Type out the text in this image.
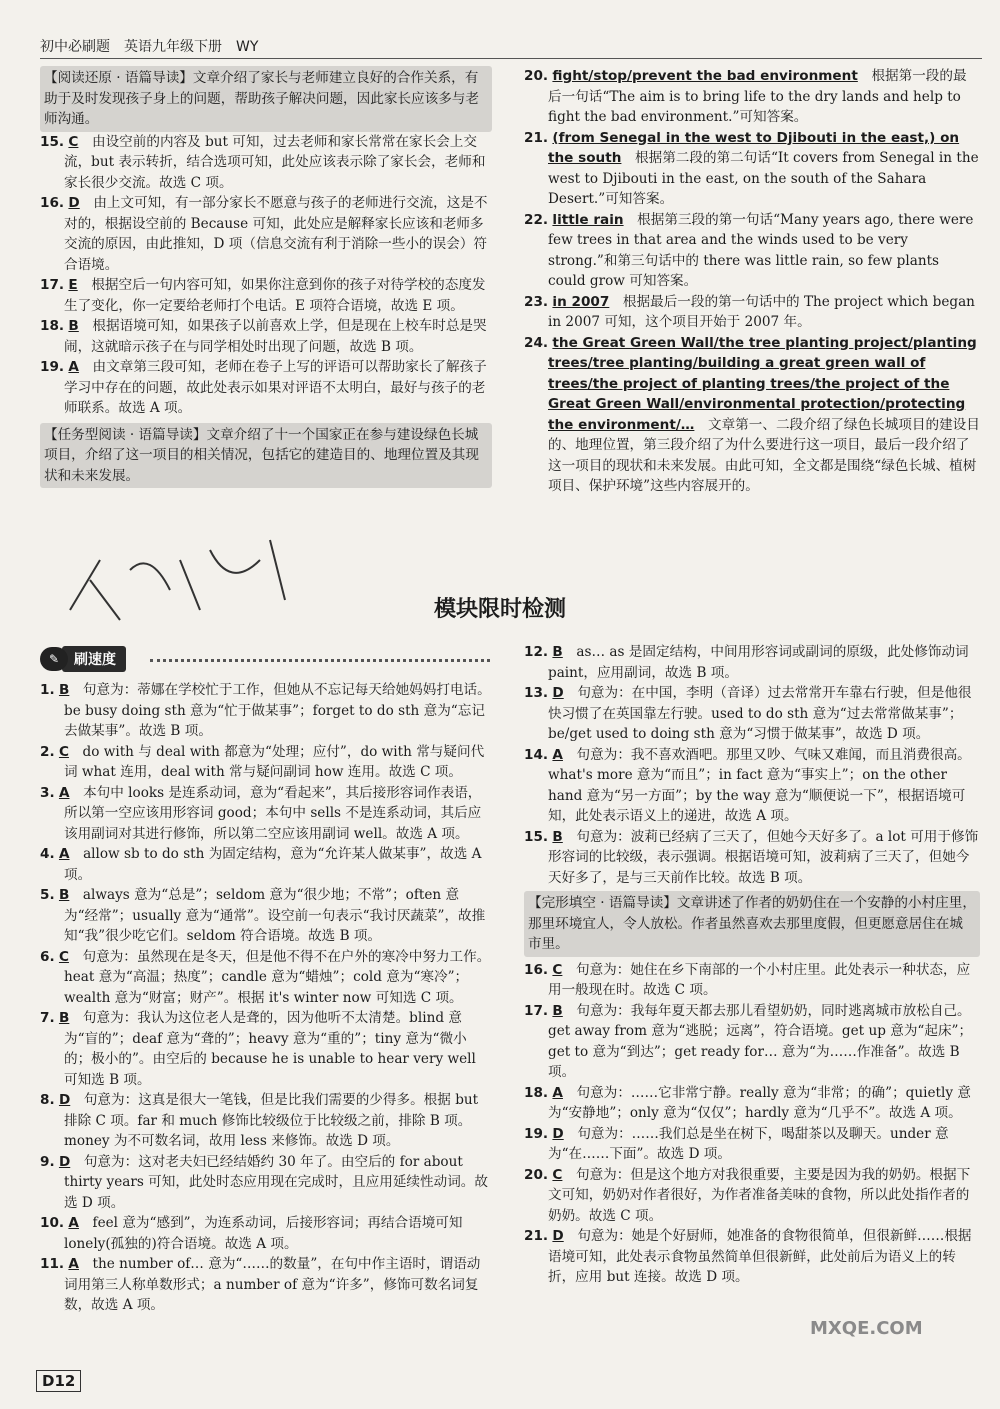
初中必刷题　英语九年级下册　WY

【阅读还原 · 语篇导读】文章介绍了家长与老师建立良好的合作关系，有助于及时发现孩子身上的问题，帮助孩子解决问题，因此家长应该多与老师沟通。

15. C　 由设空前的内容及 but 可知，过去老师和家长常常在家长会上交流，but 表示转折，结合选项可知，此处应该表示除了家长会，老师和家长很少交流。故选 C 项。

16. D　 由上文可知，有一部分家长不愿意与孩子的老师进行交流，这是不对的，根据设空前的 Because 可知，此处应是解释家长应该和老师多交流的原因，由此推知，D 项（信息交流有利于消除一些小的误会）符合语境。

17. E　 根据空后一句内容可知，如果你注意到你的孩子对待学校的态度发生了变化，你一定要给老师打个电话。E 项符合语境，故选 E 项。

18. B　 根据语境可知，如果孩子以前喜欢上学，但是现在上校车时总是哭闹，这就暗示孩子在与同学相处时出现了问题，故选 B 项。

19. A　 由文章第三段可知，老师在卷子上写的评语可以帮助家长了解孩子学习中存在的问题，故此处表示如果对评语不太明白，最好与孩子的老师联系。故选 A 项。

【任务型阅读 · 语篇导读】文章介绍了十一个国家正在参与建设绿色长城项目，介绍了这一项目的相关情况，包括它的建造目的、地理位置及其现状和未来发展。

20. fight/stop/prevent the bad environment　 根据第一段的最后一句话“The aim is to bring life to the dry lands and help to fight the bad environment.”可知答案。

21. (from Senegal in the west to Djibouti in the east,) on the south　 根据第二段的第二句话“It covers from Senegal in the west to Djibouti in the east, on the south of the Sahara Desert.”可知答案。

22. little rain　 根据第三段的第一句话“Many years ago, there were few trees in that area and the winds used to be very strong.”和第三句话中的 there was little rain, so few plants could grow 可知答案。

23. in 2007　 根据最后一段的第一句话中的 The project which began in 2007 可知，这个项目开始于 2007 年。

24. the Great Green Wall/the tree planting project/planting trees/tree planting/building a great green wall of trees/the project of planting trees/the project of the Great Green Wall/environmental protection/protecting the environment/…　 文章第一、二段介绍了绿色长城项目的建设目的、地理位置，第三段介绍了为什么要进行这一项目，最后一段介绍了这一项目的现状和未来发展。由此可知，全文都是围绕“绿色长城、植树项目、保护环境”这些内容展开的。

模块限时检测
✎	刷速度

1. B　 句意为：蒂娜在学校忙于工作，但她从不忘记每天给她妈妈打电话。be busy doing sth 意为“忙于做某事”；forget to do sth 意为“忘记去做某事”。故选 B 项。

2. C　 do with 与 deal with 都意为“处理；应付”，do with 常与疑问代词 what 连用，deal with 常与疑问副词 how 连用。故选 C 项。

3. A　 本句中 looks 是连系动词，意为“看起来”，其后接形容词作表语，所以第一空应该用形容词 good；本句中 sells 不是连系动词，其后应该用副词对其进行修饰，所以第二空应该用副词 well。故选 A 项。

4. A　 allow sb to do sth 为固定结构，意为“允许某人做某事”，故选 A 项。

5. B　 always 意为“总是”；seldom 意为“很少地；不常”；often 意为“经常”；usually 意为“通常”。设空前一句表示“我讨厌蔬菜”，故推知“我”很少吃它们。seldom 符合语境。故选 B 项。

6. C　 句意为：虽然现在是冬天，但是他不得不在户外的寒冷中努力工作。heat 意为“高温；热度”；candle 意为“蜡烛”；cold 意为“寒冷”；wealth 意为“财富；财产”。根据 it's winter now 可知选 C 项。

7. B　 句意为：我认为这位老人是聋的，因为他听不太清楚。blind 意为“盲的”；deaf 意为“聋的”；heavy 意为“重的”；tiny 意为“微小的；极小的”。由空后的 because he is unable to hear very well 可知选 B 项。

8. D　 句意为：这真是很大一笔钱，但是比我们需要的少得多。根据 but 排除 C 项。far 和 much 修饰比较级位于比较级之前，排除 B 项。money 为不可数名词，故用 less 来修饰。故选 D 项。

9. D　 句意为：这对老夫妇已经结婚约 30 年了。由空后的 for about thirty years 可知，此处时态应用现在完成时，且应用延续性动词。故选 D 项。

10. A　 feel 意为“感到”，为连系动词，后接形容词；再结合语境可知 lonely(孤独的)符合语境。故选 A 项。

11. A　 the number of… 意为“……的数量”，在句中作主语时，谓语动词用第三人称单数形式；a number of 意为“许多”，修饰可数名词复数，故选 A 项。

12. B　 as… as 是固定结构，中间用形容词或副词的原级，此处修饰动词 paint，应用副词，故选 B 项。

13. D　 句意为：在中国，李明（音译）过去常常开车靠右行驶，但是他很快习惯了在英国靠左行驶。used to do sth 意为“过去常常做某事”；be/get used to doing sth 意为“习惯于做某事”，故选 D 项。

14. A　 句意为：我不喜欢酒吧。那里又吵、气味又难闻，而且消费很高。what's more 意为“而且”；in fact 意为“事实上”；on the other hand 意为“另一方面”；by the way 意为“顺便说一下”，根据语境可知，此处表示语义上的递进，故选 A 项。

15. B　 句意为：波莉已经病了三天了，但她今天好多了。a lot 可用于修饰形容词的比较级，表示强调。根据语境可知，波莉病了三天了，但她今天好多了，是与三天前作比较。故选 B 项。

【完形填空 · 语篇导读】文章讲述了作者的奶奶住在一个安静的小村庄里，那里环境宜人，令人放松。作者虽然喜欢去那里度假，但更愿意居住在城市里。

16. C　 句意为：她住在乡下南部的一个小村庄里。此处表示一种状态，应用一般现在时。故选 C 项。

17. B　 句意为：我每年夏天都去那儿看望奶奶，同时逃离城市放松自己。get away from 意为“逃脱；远离”，符合语境。get up 意为“起床”；get to 意为“到达”；get ready for… 意为“为……作准备”。故选 B 项。

18. A　 句意为：……它非常宁静。really 意为“非常；的确”；quietly 意为“安静地”；only 意为“仅仅”；hardly 意为“几乎不”。故选 A 项。

19. D　 句意为：……我们总是坐在树下，喝甜茶以及聊天。under 意为“在……下面”。故选 D 项。

20. C　 句意为：但是这个地方对我很重要，主要是因为我的奶奶。根据下文可知，奶奶对作者很好，为作者准备美味的食物，所以此处指作者的奶奶。故选 C 项。

21. D　 句意为：她是个好厨师，她准备的食物很简单，但很新鲜……根据语境可知，此处表示食物虽然简单但很新鲜，此处前后为语义上的转折，应用 but 连接。故选 D 项。

D12
MXQE.COM
